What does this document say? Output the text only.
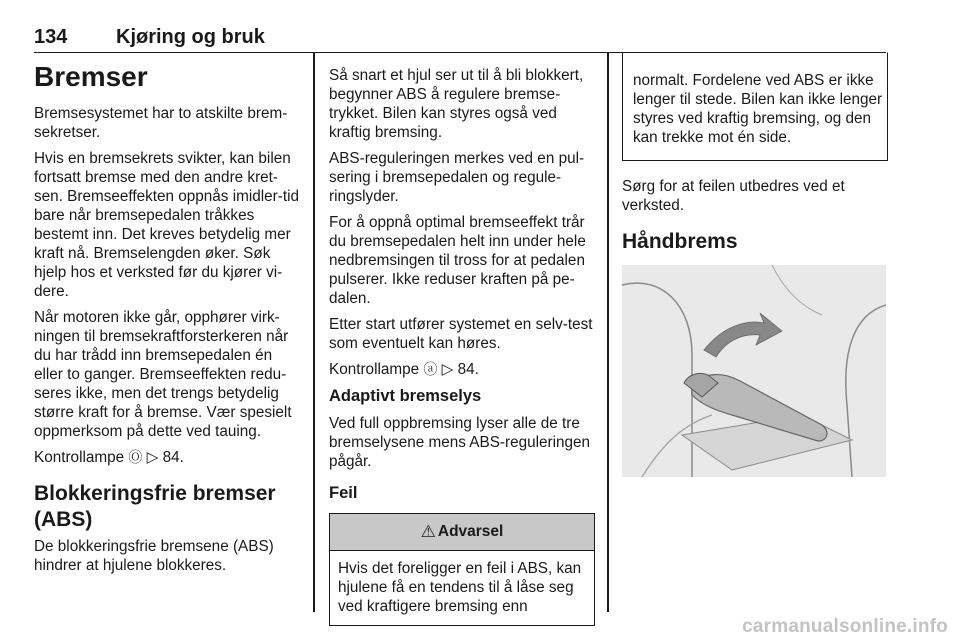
134 Kjøring og bruk
Bremser

Bremsesystemet har to atskilte brem-sekretser.

Hvis en bremsekrets svikter, kan bilen fortsatt bremse med den andre kret-sen. Bremseeffekten oppnås imidler-tid bare når bremsepedalen tråkkes bestemt inn. Det kreves betydelig mer kraft nå. Bremselengden øker. Søk hjelp hos et verksted før du kjører vi-dere.

Når motoren ikke går, opphører virk-ningen til bremsekraftforsterkeren når du har trådd inn bremsepedalen én eller to ganger. Bremseeffekten redu-seres ikke, men det trengs betydelig større kraft for å bremse. Vær spesielt oppmerksom på dette ved tauing.

Kontrollampe Ⓞ ▷ 84.

Blokkeringsfrie bremser (ABS)

De blokkeringsfrie bremsene (ABS) hindrer at hjulene blokkeres.

Så snart et hjul ser ut til å bli blokkert, begynner ABS å regulere bremse-trykket. Bilen kan styres også ved kraftig bremsing.

ABS-reguleringen merkes ved en pul-sering i bremsepedalen og regule-ringslyder.

For å oppnå optimal bremseeffekt trår du bremsepedalen helt inn under hele nedbremsingen til tross for at pedalen pulserer. Ikke reduser kraften på pe-dalen.

Etter start utfører systemet en selv-test som eventuelt kan høres.

Kontrollampe ⓐ ▷ 84.

Adaptivt bremselys

Ved full oppbremsing lyser alle de tre bremselysene mens ABS-reguleringen pågår.

Feil
⚠ Advarsel

Hvis det foreligger en feil i ABS, kan hjulene få en tendens til å låse seg ved kraftigere bremsing enn

normalt. Fordelene ved ABS er ikke lenger til stede. Bilen kan ikke lenger styres ved kraftig bremsing, og den kan trekke mot én side.

Sørg for at feilen utbedres ved et verksted.

Håndbrems
carmanualsonline.info
